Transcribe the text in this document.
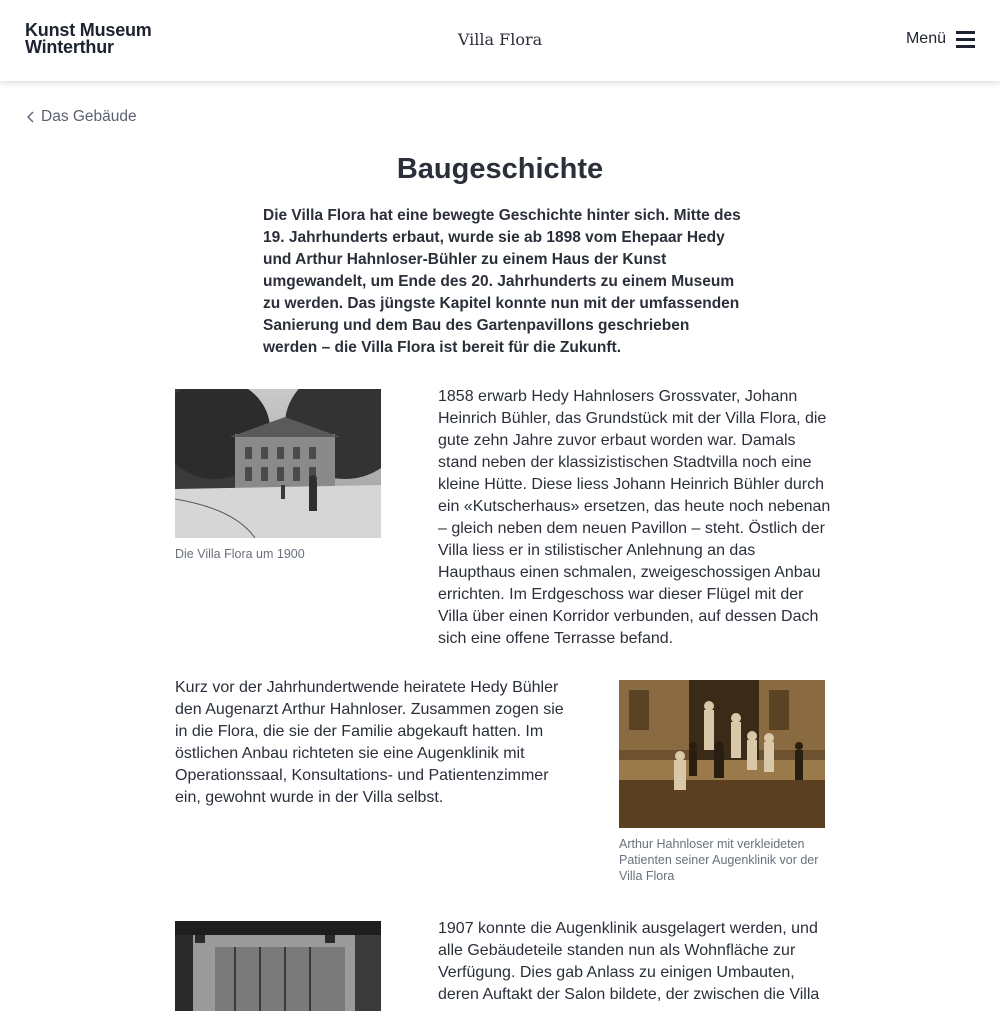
Kunst Museum
Winterthur	Villa Flora	Menü
Das Gebäude
Baugeschichte

Die Villa Flora hat eine bewegte Geschichte hinter sich. Mitte des 19. Jahrhunderts erbaut, wurde sie ab 1898 vom Ehepaar Hedy und Arthur Hahnloser-Bühler zu einem Haus der Kunst umgewandelt, um Ende des 20. Jahrhunderts zu einem Museum zu werden. Das jüngste Kapitel konnte nun mit der umfassenden Sanierung und dem Bau des Gartenpavillons geschrieben werden – die Villa Flora ist bereit für die Zukunft.

Die Villa Flora um 1900

1858 erwarb Hedy Hahnlosers Grossvater, Johann Heinrich Bühler, das Grundstück mit der Villa Flora, die gute zehn Jahre zuvor erbaut worden war. Damals stand neben der klassizistischen Stadtvilla noch eine kleine Hütte. Diese liess Johann Heinrich Bühler durch ein «Kutscherhaus» ersetzen, das heute noch nebenan – gleich neben dem neuen Pavillon – steht. Östlich der Villa liess er in stilistischer Anlehnung an das Haupthaus einen schmalen, zweigeschossigen Anbau errichten. Im Erdgeschoss war dieser Flügel mit der Villa über einen Korridor verbunden, auf dessen Dach sich eine offene Terrasse befand.

Kurz vor der Jahrhundertwende heiratete Hedy Bühler den Augenarzt Arthur Hahnloser. Zusammen zogen sie in die Flora, die sie der Familie abgekauft hatten. Im östlichen Anbau richteten sie eine Augenklinik mit Operationssaal, Konsultations- und Patientenzimmer ein, gewohnt wurde in der Villa selbst.

Arthur Hahnloser mit verkleideten Patienten seiner Augenklinik vor der Villa Flora

1907 konnte die Augenklinik ausgelagert werden, und alle Gebäudeteile standen nun als Wohnfläche zur Verfügung. Dies gab Anlass zu einigen Umbauten, deren Auftakt der Salon bildete, der zwischen die Villa
